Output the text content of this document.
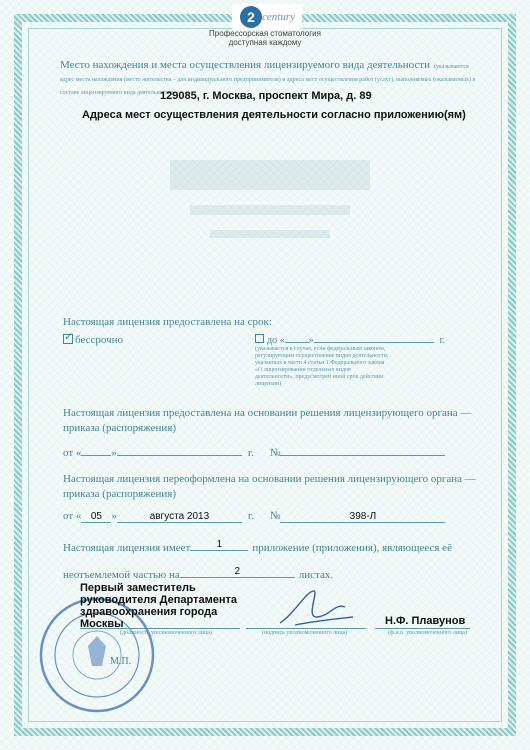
2 century
Профессорская стоматология доступная каждому
Место нахождения и места осуществления лицензируемого вида деятельности (указываются адрес места нахождения (место жительства – для индивидуального предпринимателя) и адреса мест осуществления работ (услуг), выполняемых (оказываемых) в составе лицензируемого вида деятельности)
129085, г. Москва, проспект Мира, д. 89
Адреса мест осуществления деятельности согласно приложению(ям)
Настоящая лицензия предоставлена на срок:
✓ бессрочно	до « »	г.
(указывается в случае, если федеральным законом, регулирующим осуществление видов деятельности, указанных в части 4 статьи 1 Федерального закона «О лицензировании отдельных видов деятельности», предусмотрен иной срок действия лицензии)
Настоящая лицензия предоставлена на основании решения лицензирующего органа — приказа (распоряжения)
от «	»	г. №
Настоящая лицензия переоформлена на основании решения лицензирующего органа — приказа (распоряжения)
от « 05 »	августа 2013	г. №	398-Л
Настоящая лицензия имеет	1	приложение (приложения), являющееся её
неотъемлемой частью на	2	листах.
Первый заместитель руководителя Департамента здравоохранения города Москвы
(должность уполномоченного лица)	(подпись уполномоченного лица)
Н.Ф. Плавунов
(ф.и.о. уполномоченного лица)
М.П.
